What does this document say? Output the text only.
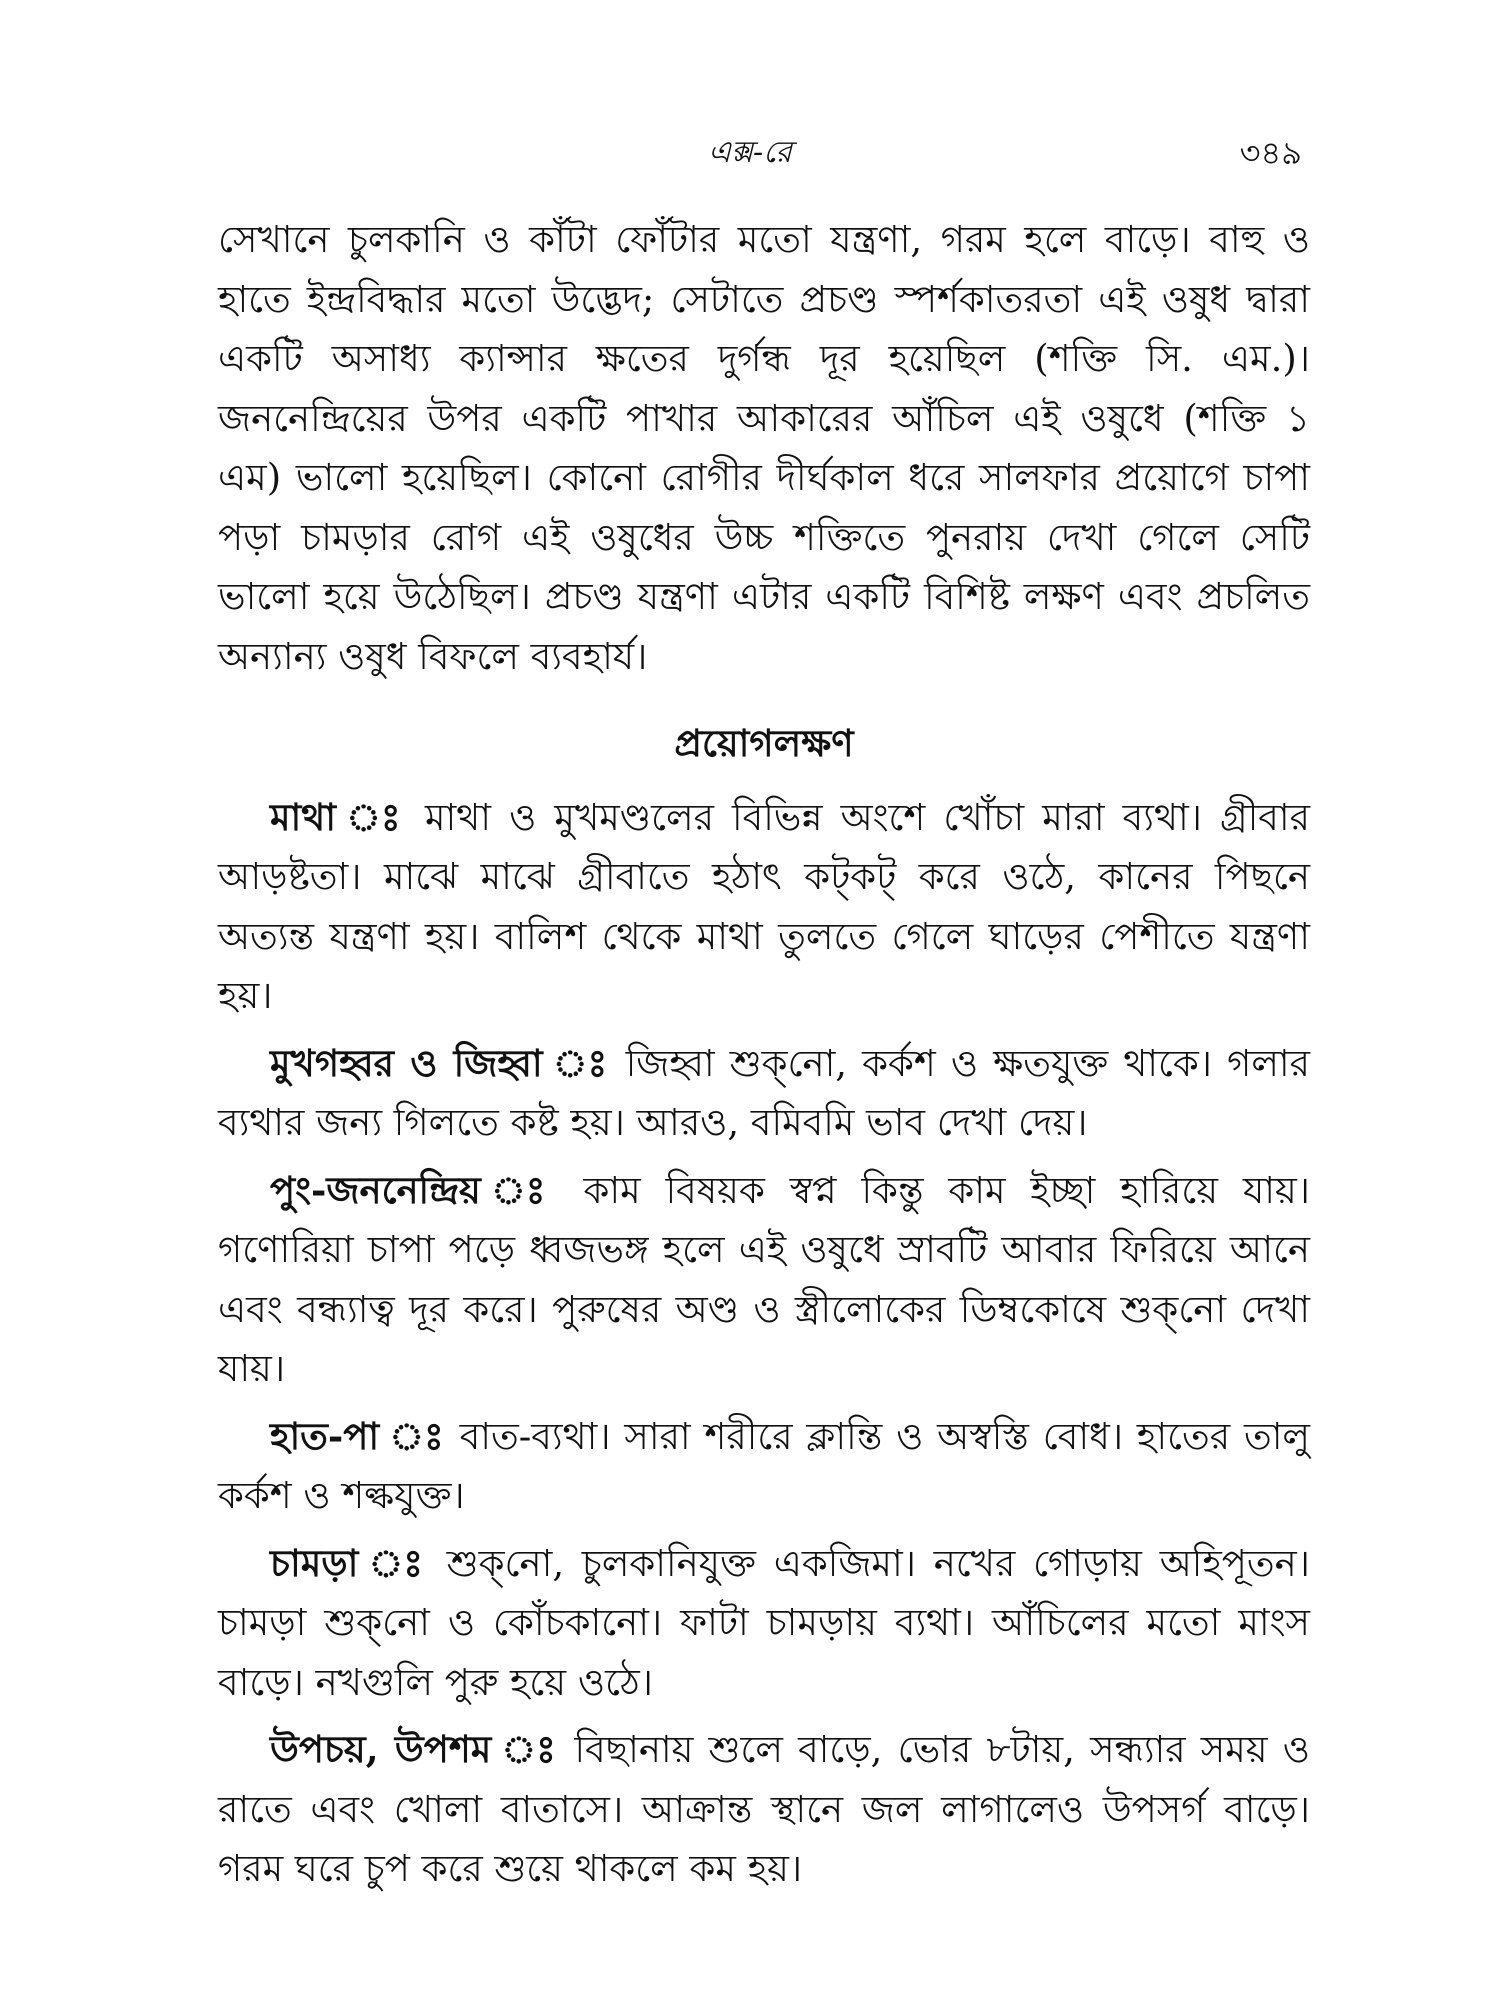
এক্স-রে	৩৪৯

সেখানে চুলকানি ও কাঁটা ফোঁটার মতো যন্ত্রণা, গরম হলে বাড়ে। বাহু ও হাতে ইন্দ্রবিদ্ধার মতো উদ্ভেদ; সেটাতে প্রচণ্ড স্পর্শকাতরতা এই ওষুধ দ্বারা একটি অসাধ্য ক্যান্সার ক্ষতের দুর্গন্ধ দূর হয়েছিল (শক্তি সি. এম.)। জননেন্দ্রিয়ের উপর একটি পাখার আকারের আঁচিল এই ওষুধে (শক্তি ১ এম) ভালো হয়েছিল। কোনো রোগীর দীর্ঘকাল ধরে সালফার প্রয়োগে চাপা পড়া চামড়ার রোগ এই ওষুধের উচ্চ শক্তিতে পুনরায় দেখা গেলে সেটি ভালো হয়ে উঠেছিল। প্রচণ্ড যন্ত্রণা এটার একটি বিশিষ্ট লক্ষণ এবং প্রচলিত অন্যান্য ওষুধ বিফলে ব্যবহার্য।

প্রয়োগলক্ষণ

মাথা ঃ মাথা ও মুখমণ্ডলের বিভিন্ন অংশে খোঁচা মারা ব্যথা। গ্রীবার আড়ষ্টতা। মাঝে মাঝে গ্রীবাতে হঠাৎ কট্‌কট্‌ করে ওঠে, কানের পিছনে অত্যন্ত যন্ত্রণা হয়। বালিশ থেকে মাথা তুলতে গেলে ঘাড়ের পেশীতে যন্ত্রণা হয়।

মুখগহ্বর ও জিহ্বা ঃ জিহ্বা শুক্‌নো, কর্কশ ও ক্ষতযুক্ত থাকে। গলার ব্যথার জন্য গিলতে কষ্ট হয়। আরও, বমিবমি ভাব দেখা দেয়।

পুং-জননেন্দ্রিয় ঃ কাম বিষয়ক স্বপ্ন কিন্তু কাম ইচ্ছা হারিয়ে যায়। গণোরিয়া চাপা পড়ে ধ্বজভঙ্গ হলে এই ওষুধে স্রাবটি আবার ফিরিয়ে আনে এবং বন্ধ্যাত্ব দূর করে। পুরুষের অণ্ড ও স্ত্রীলোকের ডিম্বকোষে শুক্‌নো দেখা যায়।

হাত-পা ঃ বাত-ব্যথা। সারা শরীরে ক্লান্তি ও অস্বস্তি বোধ। হাতের তালু কর্কশ ও শল্কযুক্ত।

চামড়া ঃ শুক্‌নো, চুলকানিযুক্ত একজিমা। নখের গোড়ায় অহিপূতন। চামড়া শুক্‌নো ও কোঁচকানো। ফাটা চামড়ায় ব্যথা। আঁচিলের মতো মাংস বাড়ে। নখগুলি পুরু হয়ে ওঠে।

উপচয়, উপশম ঃ বিছানায় শুলে বাড়ে, ভোর ৮টায়, সন্ধ্যার সময় ও রাতে এবং খোলা বাতাসে। আক্রান্ত স্থানে জল লাগালেও উপসর্গ বাড়ে। গরম ঘরে চুপ করে শুয়ে থাকলে কম হয়।
